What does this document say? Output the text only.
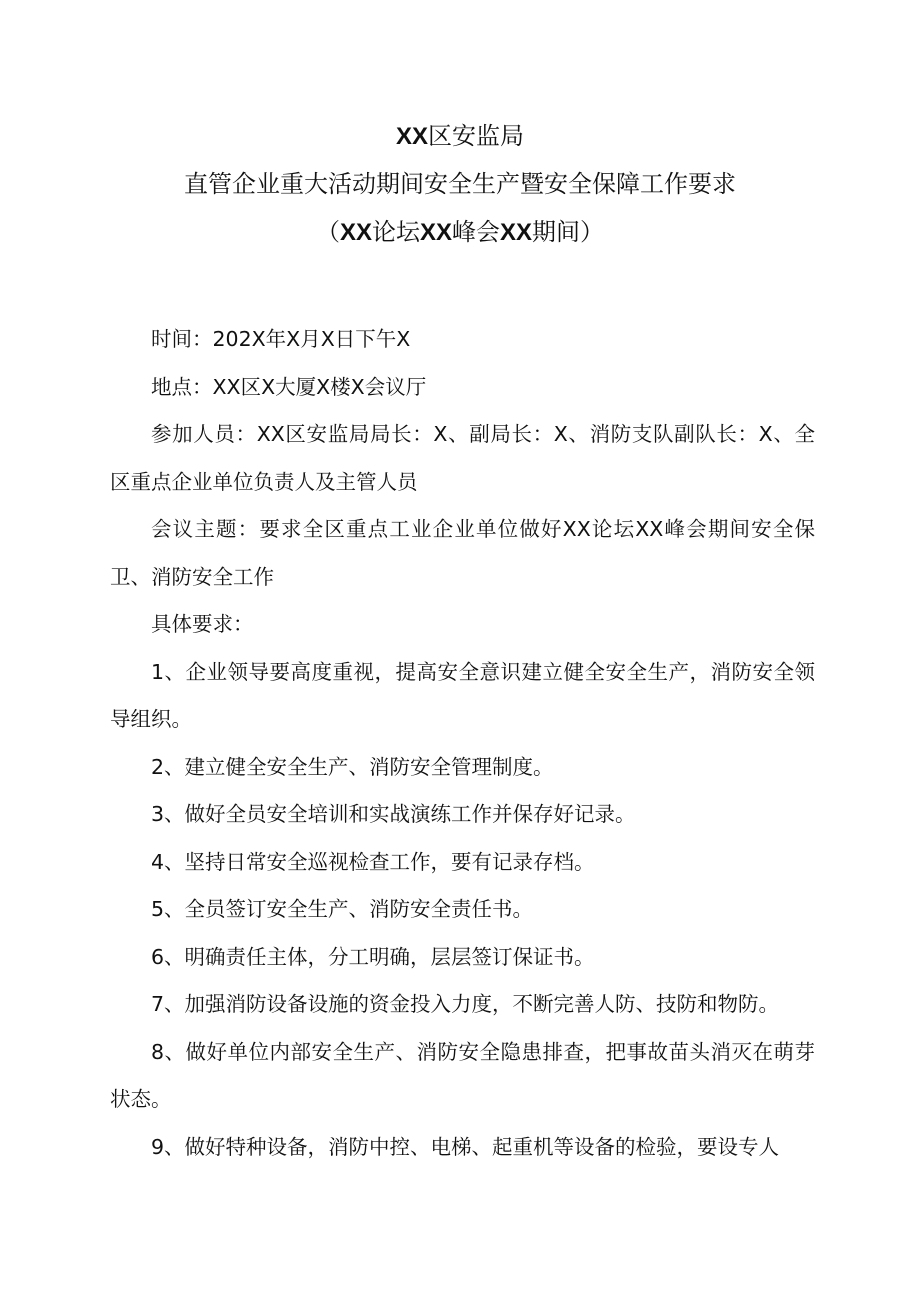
XX区安监局
直管企业重大活动期间安全生产暨安全保障工作要求
（XX论坛XX峰会XX期间）

时间：202X年X月X日下午X

地点：XX区X大厦X楼X会议厅

参加人员：XX区安监局局长：X、副局长：X、消防支队副队长：X、全区重点企业单位负责人及主管人员

会议主题：要求全区重点工业企业单位做好XX论坛XX峰会期间安全保卫、消防安全工作

具体要求：

1、企业领导要高度重视，提高安全意识建立健全安全生产，消防安全领导组织。

2、建立健全安全生产、消防安全管理制度。

3、做好全员安全培训和实战演练工作并保存好记录。

4、坚持日常安全巡视检查工作，要有记录存档。

5、全员签订安全生产、消防安全责任书。

6、明确责任主体，分工明确，层层签订保证书。

7、加强消防设备设施的资金投入力度，不断完善人防、技防和物防。

8、做好单位内部安全生产、消防安全隐患排查，把事故苗头消灭在萌芽状态。

9、做好特种设备，消防中控、电梯、起重机等设备的检验，要设专人
